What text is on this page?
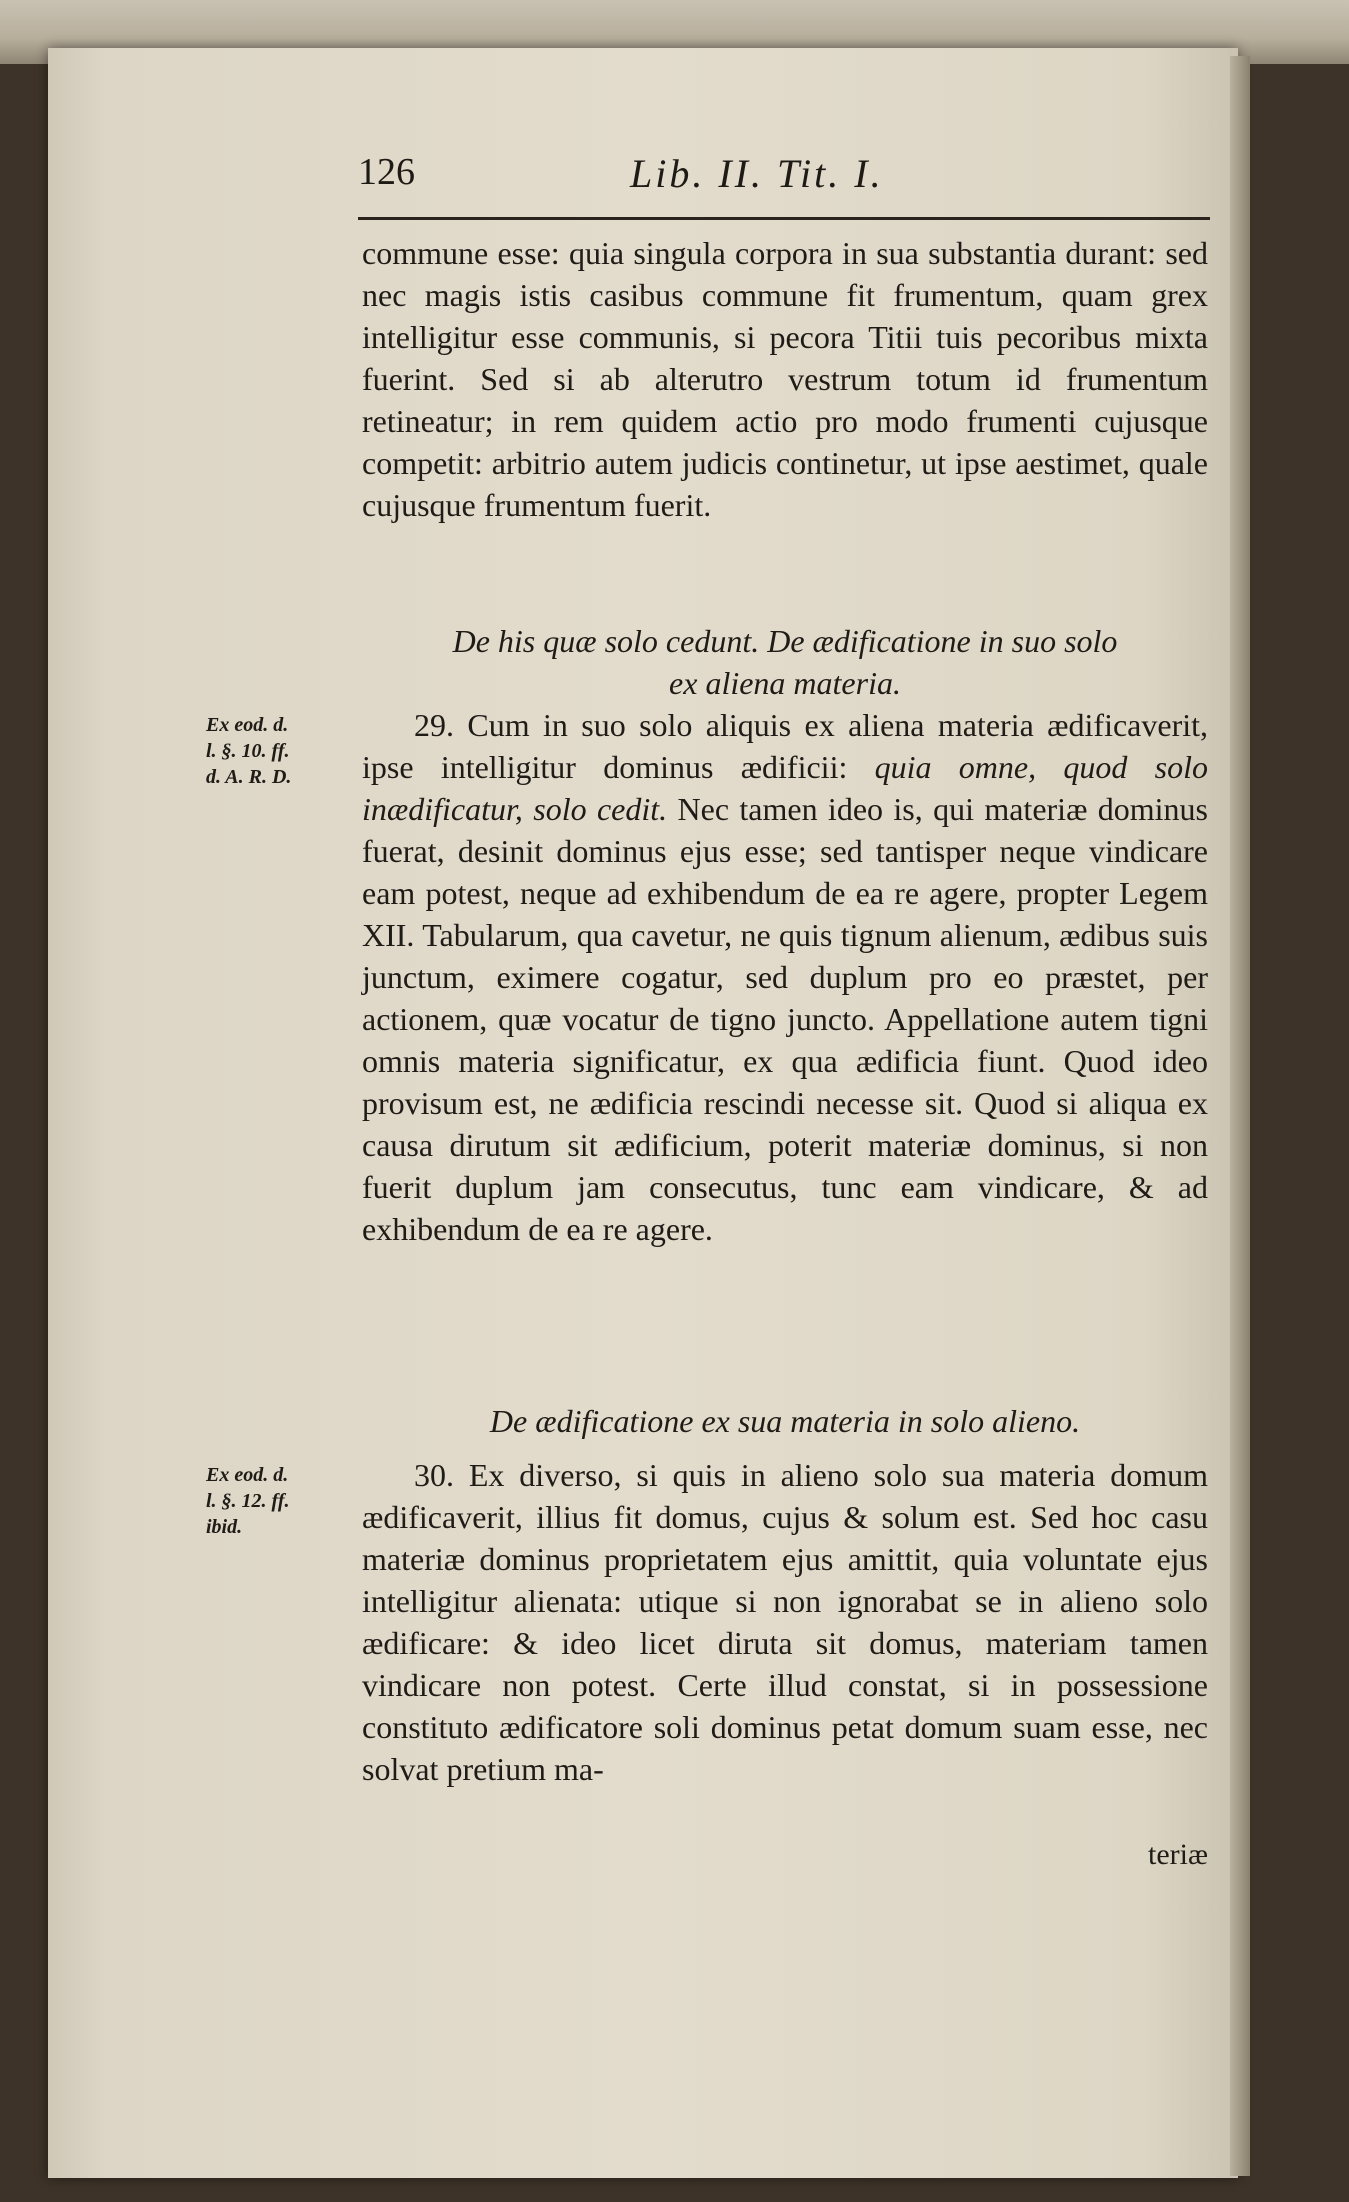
126	Lib. II. Tit. I.

commune esse: quia singula corpora in sua substantia durant: sed nec magis istis casibus commune fit frumentum, quam grex intelligitur esse communis, si pecora Titii tuis pecoribus mixta fuerint. Sed si ab alterutro vestrum totum id frumentum retineatur; in rem quidem actio pro modo frumenti cujusque competit: arbitrio autem judicis continetur, ut ipse aestimet, quale cujusque frumentum fuerit.

De his quæ solo cedunt. De ædificatione in suo solo
ex aliena materia.
Ex eod. d.
l. §. 10. ff.
d. A. R. D.

29. Cum in suo solo aliquis ex aliena materia ædificaverit, ipse intelligitur dominus ædificii: quia omne, quod solo inædificatur, solo cedit. Nec tamen ideo is, qui materiæ dominus fuerat, desinit dominus ejus esse; sed tantisper neque vindicare eam potest, neque ad exhibendum de ea re agere, propter Legem XII. Tabularum, qua cavetur, ne quis tignum alienum, ædibus suis junctum, eximere cogatur, sed duplum pro eo præstet, per actionem, quæ vocatur de tigno juncto. Appellatione autem tigni omnis materia significatur, ex qua ædificia fiunt. Quod ideo provisum est, ne ædificia rescindi necesse sit. Quod si aliqua ex causa dirutum sit ædificium, poterit materiæ dominus, si non fuerit duplum jam consecutus, tunc eam vindicare, & ad exhibendum de ea re agere.

De ædificatione ex sua materia in solo alieno.
Ex eod. d.
l. §. 12. ff.
ibid.

30. Ex diverso, si quis in alieno solo sua materia domum ædificaverit, illius fit domus, cujus & solum est. Sed hoc casu materiæ dominus proprietatem ejus amittit, quia voluntate ejus intelligitur alienata: utique si non ignorabat se in alieno solo ædificare: & ideo licet diruta sit domus, materiam tamen vindicare non potest. Certe illud constat, si in possessione constituto ædificatore soli dominus petat domum suam esse, nec solvat pretium ma-

teriæ
